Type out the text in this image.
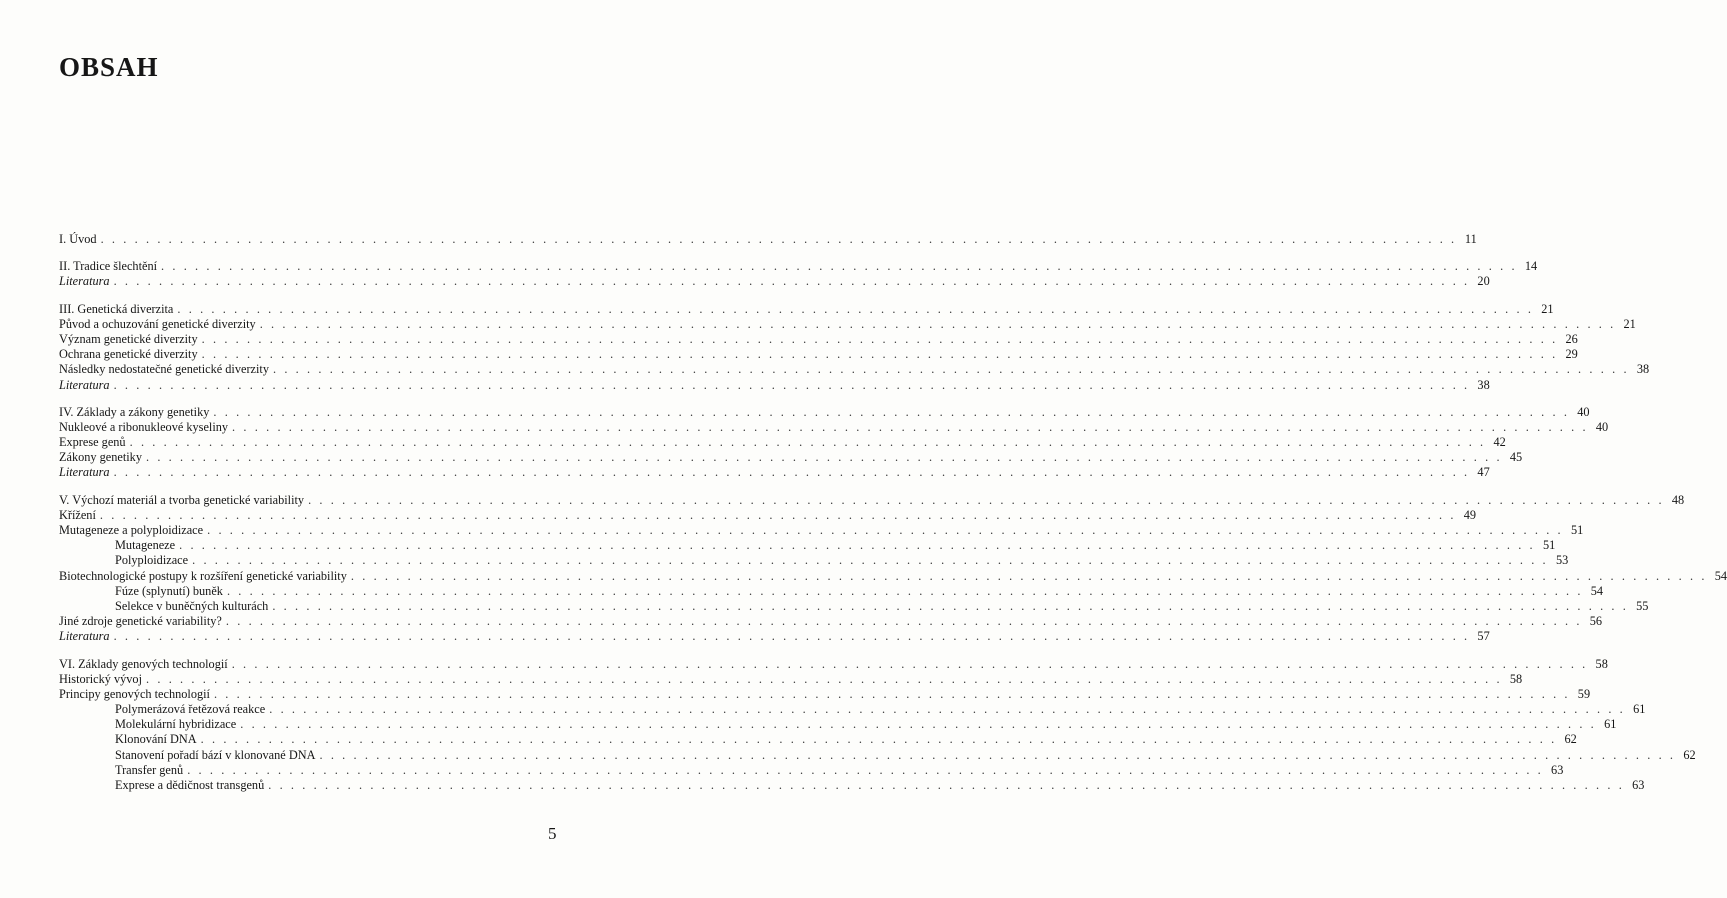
OBSAH
I. Úvod . . . . . . . . . . . . . . . . . . . . . . . . . . . . . . . . . . . . . . . . . . . . . . . . . . . . . . . . . . . . . . . . . . . . . . . . . . . . . . . . . . . . . . . . . . . . . . . . . . . . . . . . . . . . . . . . . . . . . . . . 11
II. Tradice šlechtění . . . . . . . . . . . . . . . . . . . . . . . . . . . . . . . . . . . . . . . . . . . . . . . . . . . . . . . . . . . . . . . . . . . . . . . . . . . . . . . . . . . . . . . . . . . . . . . . . . . . . . . . . . . . . . . . . . . . . . . . 14
Literatura . . . . . . . . . . . . . . . . . . . . . . . . . . . . . . . . . . . . . . . . . . . . . . . . . . . . . . . . . . . . . . . . . . . . . . . . . . . . . . . . . . . . . . . . . . . . . . . . . . . . . . . . . . . . . . . . . . . . . . . . 20
III. Genetická diverzita . . . . . . . . . . . . . . . . . . . . . . . . . . . . . . . . . . . . . . . . . . . . . . . . . . . . . . . . . . . . . . . . . . . . . . . . . . . . . . . . . . . . . . . . . . . . . . . . . . . . . . . . . . . . . . . . . . . . . . . . 21
Původ a ochuzování genetické diverzity . . . . . . . . . . . . . . . . . . . . . . . . . . . . . . . . . . . . . . . . . . . . . . . . . . . . . . . . . . . . . . . . . . . . . . . . . . . . . . . . . . . . . . . . . . . . . . . . . . . . . . . . . . . . . . . . . . . . . . . . 21
Význam genetické diverzity . . . . . . . . . . . . . . . . . . . . . . . . . . . . . . . . . . . . . . . . . . . . . . . . . . . . . . . . . . . . . . . . . . . . . . . . . . . . . . . . . . . . . . . . . . . . . . . . . . . . . . . . . . . . . . . . . . . . . . . . 26
Ochrana genetické diverzity . . . . . . . . . . . . . . . . . . . . . . . . . . . . . . . . . . . . . . . . . . . . . . . . . . . . . . . . . . . . . . . . . . . . . . . . . . . . . . . . . . . . . . . . . . . . . . . . . . . . . . . . . . . . . . . . . . . . . . . . 29
Následky nedostatečné genetické diverzity . . . . . . . . . . . . . . . . . . . . . . . . . . . . . . . . . . . . . . . . . . . . . . . . . . . . . . . . . . . . . . . . . . . . . . . . . . . . . . . . . . . . . . . . . . . . . . . . . . . . . . . . . . . . . . . . . . . . . . . . 38
Literatura . . . . . . . . . . . . . . . . . . . . . . . . . . . . . . . . . . . . . . . . . . . . . . . . . . . . . . . . . . . . . . . . . . . . . . . . . . . . . . . . . . . . . . . . . . . . . . . . . . . . . . . . . . . . . . . . . . . . . . . . 38
IV. Základy a zákony genetiky . . . . . . . . . . . . . . . . . . . . . . . . . . . . . . . . . . . . . . . . . . . . . . . . . . . . . . . . . . . . . . . . . . . . . . . . . . . . . . . . . . . . . . . . . . . . . . . . . . . . . . . . . . . . . . . . . . . . . . . . 40
Nukleové a ribonukleové kyseliny . . . . . . . . . . . . . . . . . . . . . . . . . . . . . . . . . . . . . . . . . . . . . . . . . . . . . . . . . . . . . . . . . . . . . . . . . . . . . . . . . . . . . . . . . . . . . . . . . . . . . . . . . . . . . . . . . . . . . . . . 40
Exprese genů . . . . . . . . . . . . . . . . . . . . . . . . . . . . . . . . . . . . . . . . . . . . . . . . . . . . . . . . . . . . . . . . . . . . . . . . . . . . . . . . . . . . . . . . . . . . . . . . . . . . . . . . . . . . . . . . . . . . . . . . 42
Zákony genetiky . . . . . . . . . . . . . . . . . . . . . . . . . . . . . . . . . . . . . . . . . . . . . . . . . . . . . . . . . . . . . . . . . . . . . . . . . . . . . . . . . . . . . . . . . . . . . . . . . . . . . . . . . . . . . . . . . . . . . . . . 45
Literatura . . . . . . . . . . . . . . . . . . . . . . . . . . . . . . . . . . . . . . . . . . . . . . . . . . . . . . . . . . . . . . . . . . . . . . . . . . . . . . . . . . . . . . . . . . . . . . . . . . . . . . . . . . . . . . . . . . . . . . . . 47
V. Výchozí materiál a tvorba genetické variability . . . . . . . . . . . . . . . . . . . . . . . . . . . . . . . . . . . . . . . . . . . . . . . . . . . . . . . . . . . . . . . . . . . . . . . . . . . . . . . . . . . . . . . . . . . . . . . . . . . . . . . . . . . . . . . . . . . . . . . . 48
Křížení . . . . . . . . . . . . . . . . . . . . . . . . . . . . . . . . . . . . . . . . . . . . . . . . . . . . . . . . . . . . . . . . . . . . . . . . . . . . . . . . . . . . . . . . . . . . . . . . . . . . . . . . . . . . . . . . . . . . . . . . 49
Mutageneze a polyploidizace . . . . . . . . . . . . . . . . . . . . . . . . . . . . . . . . . . . . . . . . . . . . . . . . . . . . . . . . . . . . . . . . . . . . . . . . . . . . . . . . . . . . . . . . . . . . . . . . . . . . . . . . . . . . . . . . . . . . . . . . 51
Mutageneze . . . . . . . . . . . . . . . . . . . . . . . . . . . . . . . . . . . . . . . . . . . . . . . . . . . . . . . . . . . . . . . . . . . . . . . . . . . . . . . . . . . . . . . . . . . . . . . . . . . . . . . . . . . . . . . . . . . . . . . . 51
Polyploidizace . . . . . . . . . . . . . . . . . . . . . . . . . . . . . . . . . . . . . . . . . . . . . . . . . . . . . . . . . . . . . . . . . . . . . . . . . . . . . . . . . . . . . . . . . . . . . . . . . . . . . . . . . . . . . . . . . . . . . . . . 53
Biotechnologické postupy k rozšíření genetické variability . . . . . . . . . . . . . . . . . . . . . . . . . . . . . . . . . . . . . . . . . . . . . . . . . . . . . . . . . . . . . . . . . . . . . . . . . . . . . . . . . . . . . . . . . . . . . . . . . . . . . . . . . . . . . . . . . . . . . . . . 54
Fúze (splynutí) buněk . . . . . . . . . . . . . . . . . . . . . . . . . . . . . . . . . . . . . . . . . . . . . . . . . . . . . . . . . . . . . . . . . . . . . . . . . . . . . . . . . . . . . . . . . . . . . . . . . . . . . . . . . . . . . . . . . . . . . . . . 54
Selekce v buněčných kulturách . . . . . . . . . . . . . . . . . . . . . . . . . . . . . . . . . . . . . . . . . . . . . . . . . . . . . . . . . . . . . . . . . . . . . . . . . . . . . . . . . . . . . . . . . . . . . . . . . . . . . . . . . . . . . . . . . . . . . . . . 55
Jiné zdroje genetické variability? . . . . . . . . . . . . . . . . . . . . . . . . . . . . . . . . . . . . . . . . . . . . . . . . . . . . . . . . . . . . . . . . . . . . . . . . . . . . . . . . . . . . . . . . . . . . . . . . . . . . . . . . . . . . . . . . . . . . . . . . 56
Literatura . . . . . . . . . . . . . . . . . . . . . . . . . . . . . . . . . . . . . . . . . . . . . . . . . . . . . . . . . . . . . . . . . . . . . . . . . . . . . . . . . . . . . . . . . . . . . . . . . . . . . . . . . . . . . . . . . . . . . . . . 57
VI. Základy genových technologií . . . . . . . . . . . . . . . . . . . . . . . . . . . . . . . . . . . . . . . . . . . . . . . . . . . . . . . . . . . . . . . . . . . . . . . . . . . . . . . . . . . . . . . . . . . . . . . . . . . . . . . . . . . . . . . . . . . . . . . . 58
Historický vývoj . . . . . . . . . . . . . . . . . . . . . . . . . . . . . . . . . . . . . . . . . . . . . . . . . . . . . . . . . . . . . . . . . . . . . . . . . . . . . . . . . . . . . . . . . . . . . . . . . . . . . . . . . . . . . . . . . . . . . . . . 58
Principy genových technologií . . . . . . . . . . . . . . . . . . . . . . . . . . . . . . . . . . . . . . . . . . . . . . . . . . . . . . . . . . . . . . . . . . . . . . . . . . . . . . . . . . . . . . . . . . . . . . . . . . . . . . . . . . . . . . . . . . . . . . . . 59
Polymerázová řetězová reakce . . . . . . . . . . . . . . . . . . . . . . . . . . . . . . . . . . . . . . . . . . . . . . . . . . . . . . . . . . . . . . . . . . . . . . . . . . . . . . . . . . . . . . . . . . . . . . . . . . . . . . . . . . . . . . . . . . . . . . . . 61
Molekulární hybridizace . . . . . . . . . . . . . . . . . . . . . . . . . . . . . . . . . . . . . . . . . . . . . . . . . . . . . . . . . . . . . . . . . . . . . . . . . . . . . . . . . . . . . . . . . . . . . . . . . . . . . . . . . . . . . . . . . . . . . . . . 61
Klonování DNA . . . . . . . . . . . . . . . . . . . . . . . . . . . . . . . . . . . . . . . . . . . . . . . . . . . . . . . . . . . . . . . . . . . . . . . . . . . . . . . . . . . . . . . . . . . . . . . . . . . . . . . . . . . . . . . . . . . . . . . . 62
Stanovení pořadí bází v klonované DNA . . . . . . . . . . . . . . . . . . . . . . . . . . . . . . . . . . . . . . . . . . . . . . . . . . . . . . . . . . . . . . . . . . . . . . . . . . . . . . . . . . . . . . . . . . . . . . . . . . . . . . . . . . . . . . . . . . . . . . . . 62
Transfer genů . . . . . . . . . . . . . . . . . . . . . . . . . . . . . . . . . . . . . . . . . . . . . . . . . . . . . . . . . . . . . . . . . . . . . . . . . . . . . . . . . . . . . . . . . . . . . . . . . . . . . . . . . . . . . . . . . . . . . . . . 63
Exprese a dědičnost transgenů . . . . . . . . . . . . . . . . . . . . . . . . . . . . . . . . . . . . . . . . . . . . . . . . . . . . . . . . . . . . . . . . . . . . . . . . . . . . . . . . . . . . . . . . . . . . . . . . . . . . . . . . . . . . . . . . . . . . . . . . 63
5
